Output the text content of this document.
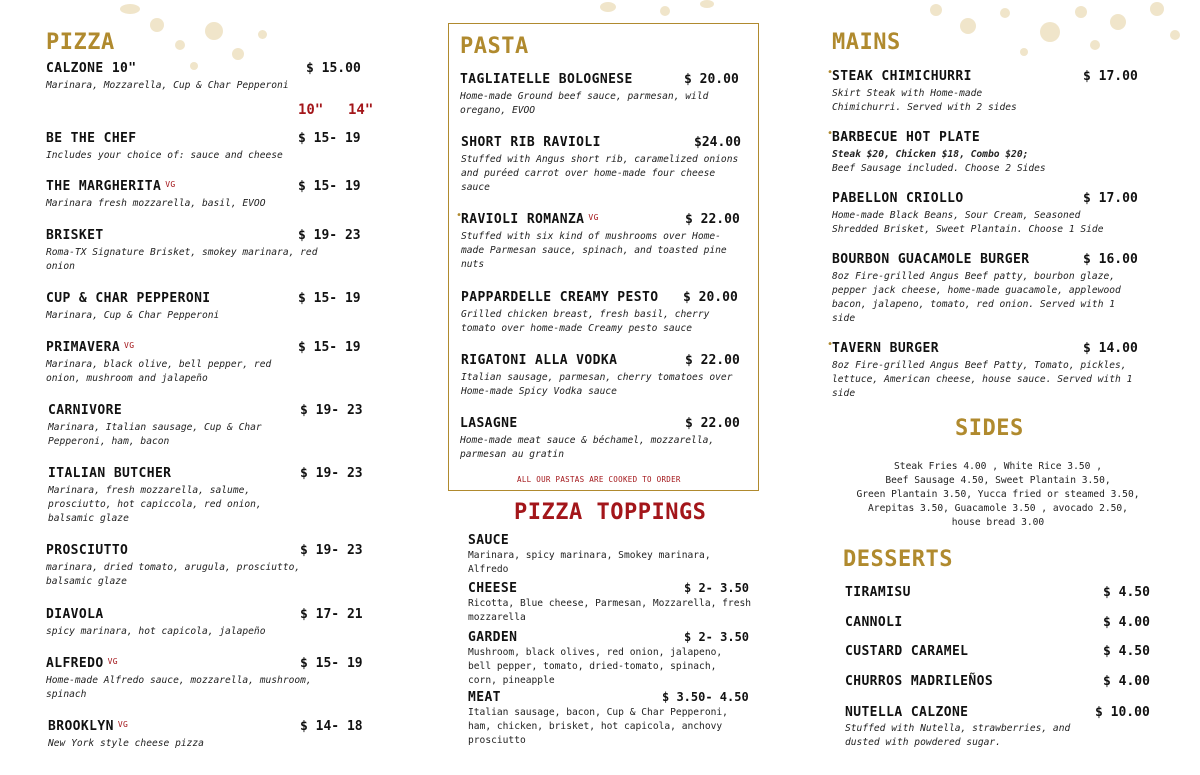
PIZZA
CALZONE 10"	$ 15.00
Marinara, Mozzarella, Cup & Char Pepperoni
10" 14"
BE THE CHEF	$ 15- 19
Includes your choice of: sauce and cheese
THE MARGHERITA $^{VG}$	$ 15- 19
Marinara fresh mozzarella, basil, EVOO
BRISKET	$ 19- 23
Roma-TX Signature Brisket, smokey marinara, red onion
CUP & CHAR PEPPERONI	$ 15- 19
Marinara, Cup & Char Pepperoni
PRIMAVERA $^{VG}$	$ 15- 19
Marinara, black olive, bell pepper, red onion, mushroom and jalapeño
CARNIVORE	$ 19- 23
Marinara, Italian sausage, Cup & Char Pepperoni, ham, bacon
ITALIAN BUTCHER	$ 19- 23
Marinara, fresh mozzarella, salume, prosciutto, hot capiccola, red onion, balsamic glaze
PROSCIUTTO	$ 19- 23
marinara, dried tomato, arugula, prosciutto, balsamic glaze
DIAVOLA	$ 17- 21
spicy marinara, hot capicola, jalapeño
ALFREDO $^{VG}$	$ 15- 19
Home-made Alfredo sauce, mozzarella, mushroom, spinach
BROOKLYN $^{VG}$	$ 14- 18
New York style cheese pizza
PASTA
TAGLIATELLE BOLOGNESE	$ 20.00
Home-made Ground beef sauce, parmesan, wild oregano, EVOO
SHORT RIB RAVIOLI	$24.00
Stuffed with Angus short rib, caramelized onions and puréed carrot over home-made four cheese sauce
•
RAVIOLI ROMANZA $^{VG}$	$ 22.00
Stuffed with six kind of mushrooms over Home-made Parmesan sauce, spinach, and toasted pine nuts
PAPPARDELLE CREAMY PESTO	$ 20.00
Grilled chicken breast, fresh basil, cherry tomato over home-made Creamy pesto sauce
RIGATONI ALLA VODKA	$ 22.00
Italian sausage, parmesan, cherry tomatoes over Home-made Spicy Vodka sauce
LASAGNE	$ 22.00
Home-made meat sauce & béchamel, mozzarella, parmesan au gratin
ALL OUR PASTAS ARE COOKED TO ORDER
PIZZA TOPPINGS
SAUCE
Marinara, spicy marinara, Smokey marinara, Alfredo
CHEESE	$ 2- 3.50
Ricotta, Blue cheese, Parmesan, Mozzarella, fresh mozzarella
GARDEN	$ 2- 3.50
Mushroom, black olives, red onion, jalapeno, bell pepper, tomato, dried-tomato, spinach, corn, pineapple
MEAT	$ 3.50- 4.50
Italian sausage, bacon, Cup & Char Pepperoni, ham, chicken, brisket, hot capicola, anchovy prosciutto
MAINS
•
STEAK CHIMICHURRI	$ 17.00
Skirt Steak with Home-made Chimichurri. Served with 2 sides
•
BARBECUE HOT PLATE
Steak $20, Chicken $18, Combo $20;
Beef Sausage included. Choose 2 Sides
PABELLON CRIOLLO	$ 17.00
Home-made Black Beans, Sour Cream, Seasoned Shredded Brisket, Sweet Plantain. Choose 1 Side
BOURBON GUACAMOLE BURGER	$ 16.00
8oz Fire-grilled Angus Beef patty, bourbon glaze, pepper jack cheese, home-made guacamole, applewood bacon, jalapeno, tomato, red onion. Served with 1 side
•
TAVERN BURGER	$ 14.00
8oz Fire-grilled Angus Beef Patty, Tomato, pickles, lettuce, American cheese, house sauce. Served with 1 side
SIDES
Steak Fries 4.00 , White Rice 3.50 ,
Beef Sausage 4.50, Sweet Plantain 3.50,
Green Plantain 3.50, Yucca fried or steamed 3.50,
Arepitas 3.50, Guacamole 3.50 , avocado 2.50,
house bread 3.00
DESSERTS
TIRAMISU	$ 4.50
CANNOLI	$ 4.00
CUSTARD CARAMEL	$ 4.50
CHURROS MADRILEÑOS	$ 4.00
NUTELLA CALZONE	$ 10.00
Stuffed with Nutella, strawberries, and dusted with powdered sugar.
